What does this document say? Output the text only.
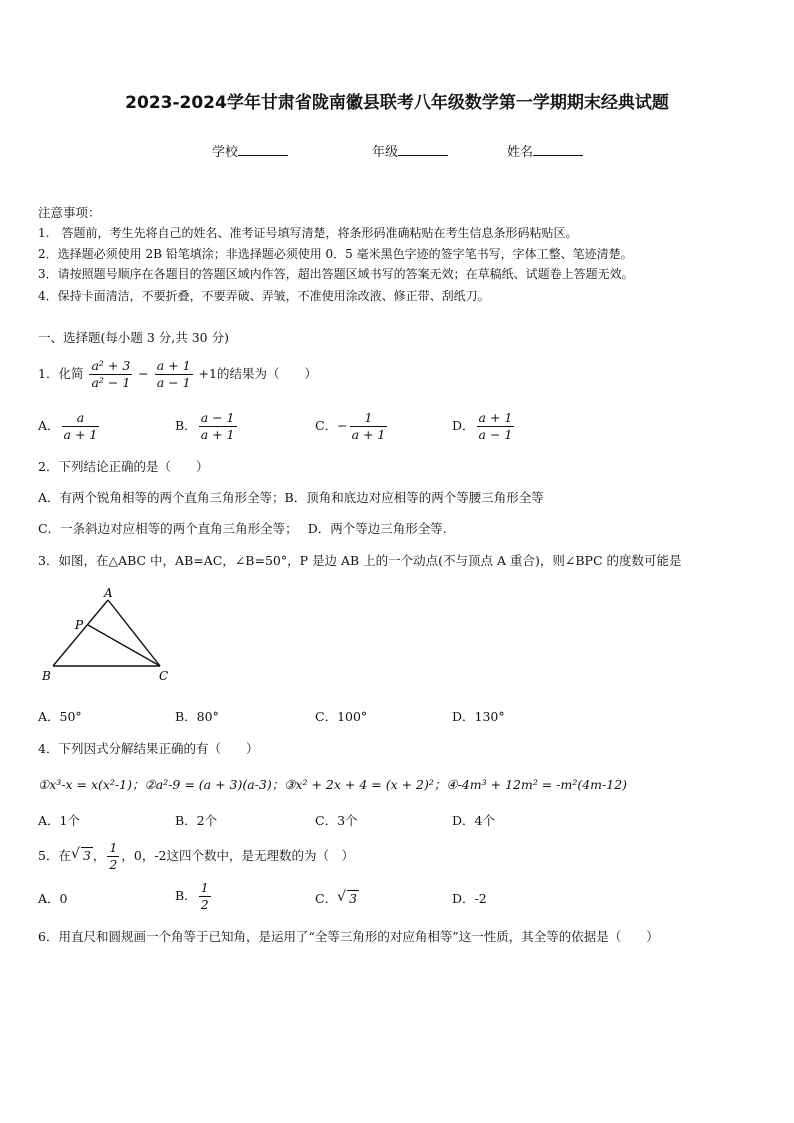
2023-2024学年甘肃省陇南徽县联考八年级数学第一学期期末经典试题
学校	年级	姓名
注意事项：
1.　答题前，考生先将自己的姓名、准考证号填写清楚，将条形码准确粘贴在考生信息条形码粘贴区。
2．选择题必须使用 2B 铅笔填涂；非选择题必须使用 0．5 毫米黑色字迹的签字笔书写，字体工整、笔迹清楚。
3．请按照题号顺序在各题目的答题区域内作答，超出答题区域书写的答案无效；在草稿纸、试题卷上答题无效。
4．保持卡面清洁，不要折叠，不要弄破、弄皱，不准使用涂改液、修正带、刮纸刀。
一、选择题(每小题 3 分,共 30 分)
1．化简 $\frac{\text{a² + 3}}{\text{a² − 1}} - \frac{a + 1}{a - 1} +1$的结果为（　　）
A． $\frac{a}{a + 1}$	B． $\frac{a - 1}{a + 1}$	C．− $\frac{1}{a + 1}$	D． $\frac{a + 1}{a - 1}$
2．下列结论正确的是（　　）
A．有两个锐角相等的两个直角三角形全等；B．顶角和底边对应相等的两个等腰三角形全等
C．一条斜边对应相等的两个直角三角形全等；　 D．两个等边三角形全等.
3．如图，在△ABC 中，AB=AC，∠B=50°，P 是边 AB 上的一个动点(不与顶点 A 重合)，则∠BPC 的度数可能是
A
P
B	C
A．50°	B．80°	C．100°	D．130°
4．下列因式分解结果正确的有（　　）
①x³-x = x(x²-1)；②a²-9 = (a + 3)(a-3)；③x² + 2x + 4 = (x + 2)²；④-4m³ + 12m² = -m²(4m-12)
A．1个	B．2个	C．3个	D．4个
5．在 √ 3 ， $\frac{1}{2}$ ，0，-2这四个数中，是无理数的为（　）
A．0	B． $\frac{1}{2}$	C． √ 3	D．-2
6．用直尺和圆规画一个角等于已知角，是运用了“全等三角形的对应角相等”这一性质，其全等的依据是（　　）
